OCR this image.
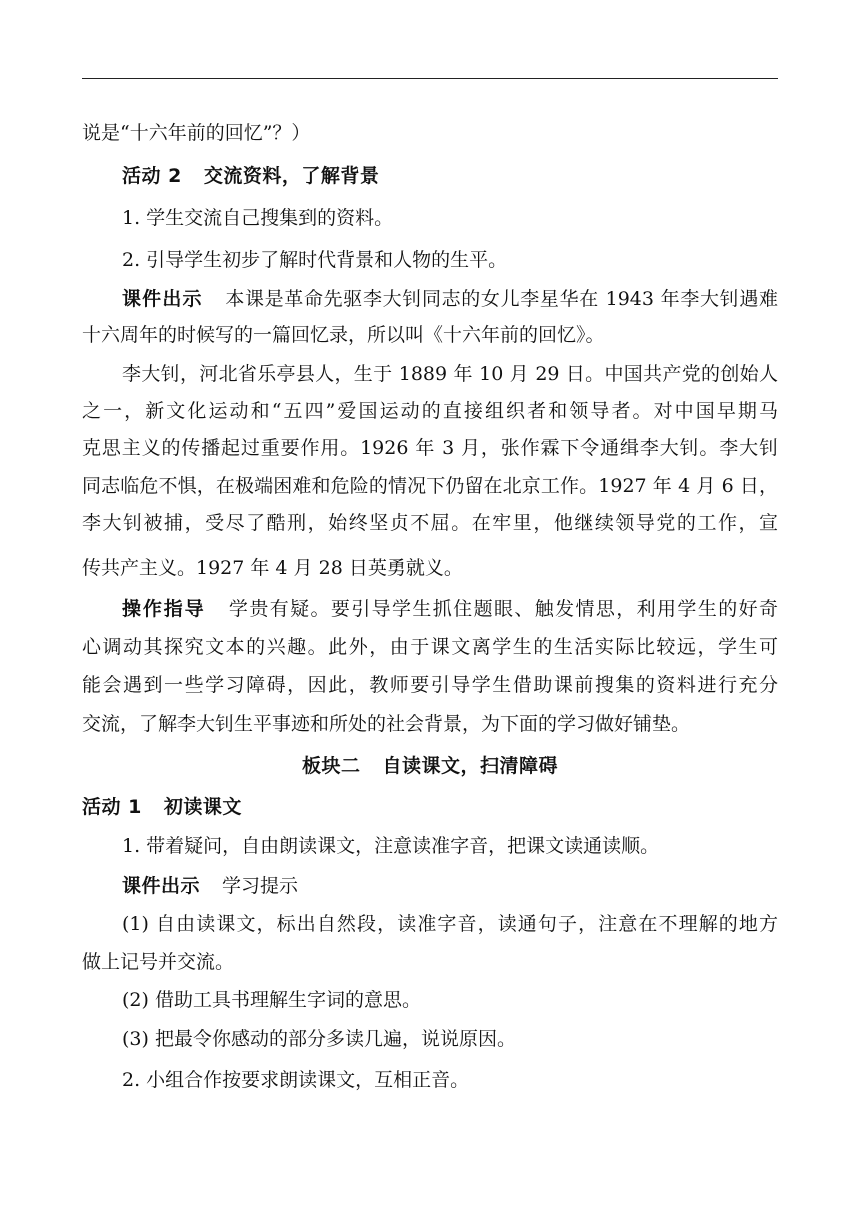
说是“十六年前的回忆”？）
活动 2 交流资料，了解背景
1. 学生交流自己搜集到的资料。
2. 引导学生初步了解时代背景和人物的生平。
课件出示 本课是革命先驱李大钊同志的女儿李星华在 1943 年李大钊遇难
十六周年的时候写的一篇回忆录，所以叫《十六年前的回忆》。
李大钊，河北省乐亭县人，生于 1889 年 10 月 29 日。中国共产党的创始人
之一，新文化运动和“五四”爱国运动的直接组织者和领导者。对中国早期马
克思主义的传播起过重要作用。1926 年 3 月，张作霖下令通缉李大钊。李大钊
同志临危不惧，在极端困难和危险的情况下仍留在北京工作。1927 年 4 月 6 日，
李大钊被捕，受尽了酷刑，始终坚贞不屈。在牢里，他继续领导党的工作，宣
传共产主义。1927 年 4 月 28 日英勇就义。
操作指导 学贵有疑。要引导学生抓住题眼、触发情思，利用学生的好奇
心调动其探究文本的兴趣。此外，由于课文离学生的生活实际比较远，学生可
能会遇到一些学习障碍，因此，教师要引导学生借助课前搜集的资料进行充分
交流，了解李大钊生平事迹和所处的社会背景，为下面的学习做好铺垫。
板块二 自读课文，扫清障碍
活动 1 初读课文
1. 带着疑问，自由朗读课文，注意读准字音，把课文读通读顺。
课件出示 学习提示
(1) 自由读课文，标出自然段，读准字音，读通句子，注意在不理解的地方
做上记号并交流。
(2) 借助工具书理解生字词的意思。
(3) 把最令你感动的部分多读几遍，说说原因。
2. 小组合作按要求朗读课文，互相正音。
